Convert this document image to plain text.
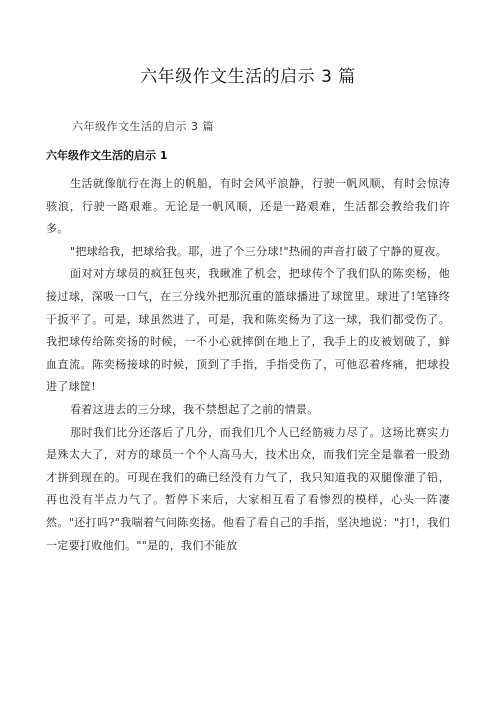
六年级作文生活的启示 3 篇

六年级作文生活的启示 3 篇

六年级作文生活的启示 1

生活就像航行在海上的帆船，有时会风平浪静，行驶一帆风顺，有时会惊涛骇浪，行驶一路艰难。无论是一帆风顺，还是一路艰难，生活都会教给我们许多。

"把球给我，把球给我。耶，进了个三分球!"热闹的声音打破了宁静的夏夜。

面对对方球员的疯狂包夹，我瞅准了机会，把球传个了我们队的陈奕杨，他接过球，深吸一口气，在三分线外把那沉重的篮球播进了球筐里。球进了!笔锋终于扳平了。可是，球虽然进了，可是，我和陈奕杨为了这一球，我们都受伤了。我把球传给陈奕扬的时候，一不小心就摔倒在地上了，我手上的皮被划破了，鲜血直流。陈奕杨接球的时候，顶到了手指，手指受伤了，可他忍着疼痛，把球投进了球筐!

看着这进去的三分球，我不禁想起了之前的情景。

那时我们比分还落后了几分，而我们几个人已经筋疲力尽了。这场比赛实力是殊太大了，对方的球员一个个人高马大，技术出众，而我们完全是靠着一股劲才拼到现在的。可现在我们的确已经没有力气了，我只知道我的双腿像灌了铅，再也没有半点力气了。暂停下来后，大家相互看了看惨烈的模样，心头一阵凄然。"还打吗?"我喘着气问陈奕扬。他看了看自己的手指，坚决地说："打!，我们一定要打败他们。""是的，我们不能放
